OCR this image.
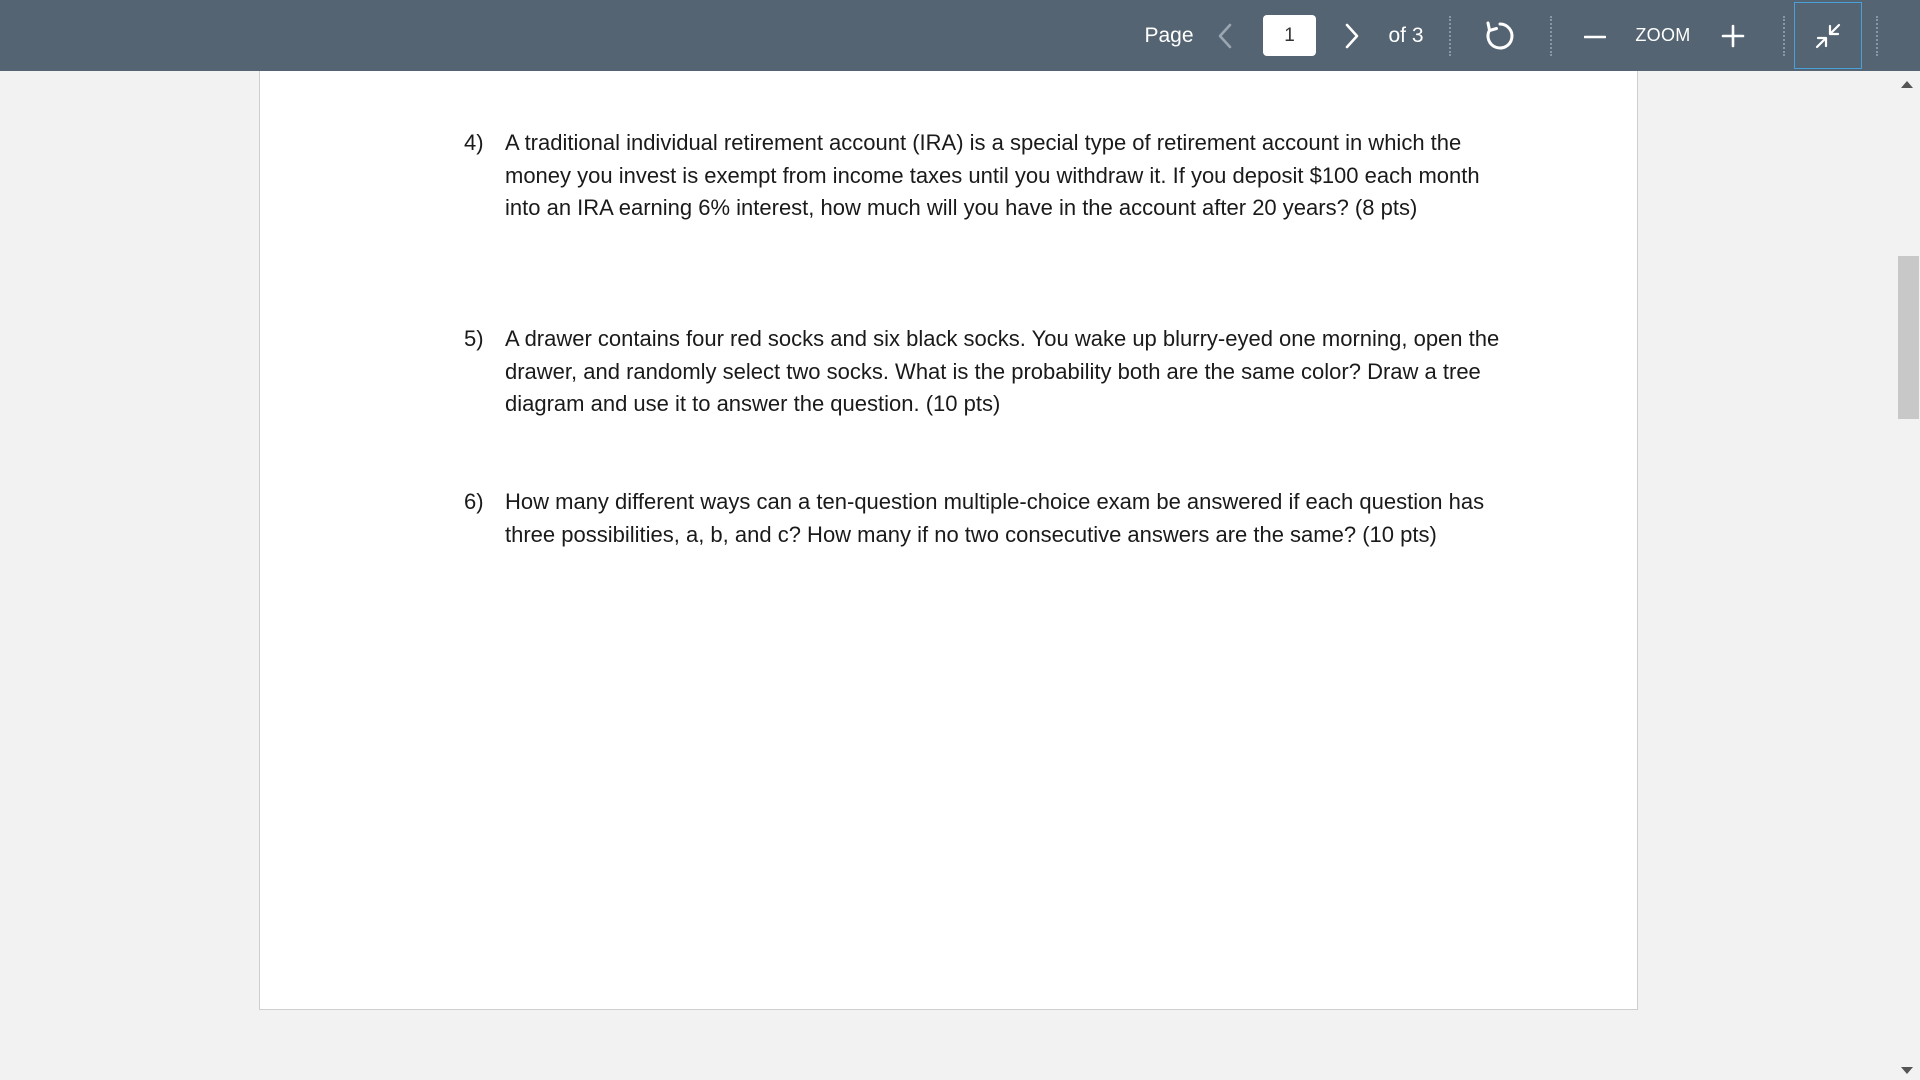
Page
1	of 3	ZOOM
4) A traditional individual retirement account (IRA) is a special type of retirement account in which the money you invest is exempt from income taxes until you withdraw it. If you deposit $100 each month into an IRA earning 6% interest, how much will you have in the account after 20 years? (8 pts)
5) A drawer contains four red socks and six black socks. You wake up blurry-eyed one morning, open the drawer, and randomly select two socks. What is the probability both are the same color? Draw a tree diagram and use it to answer the question. (10 pts)
6) How many different ways can a ten-question multiple-choice exam be answered if each question has three possibilities, a, b, and c? How many if no two consecutive answers are the same? (10 pts)
